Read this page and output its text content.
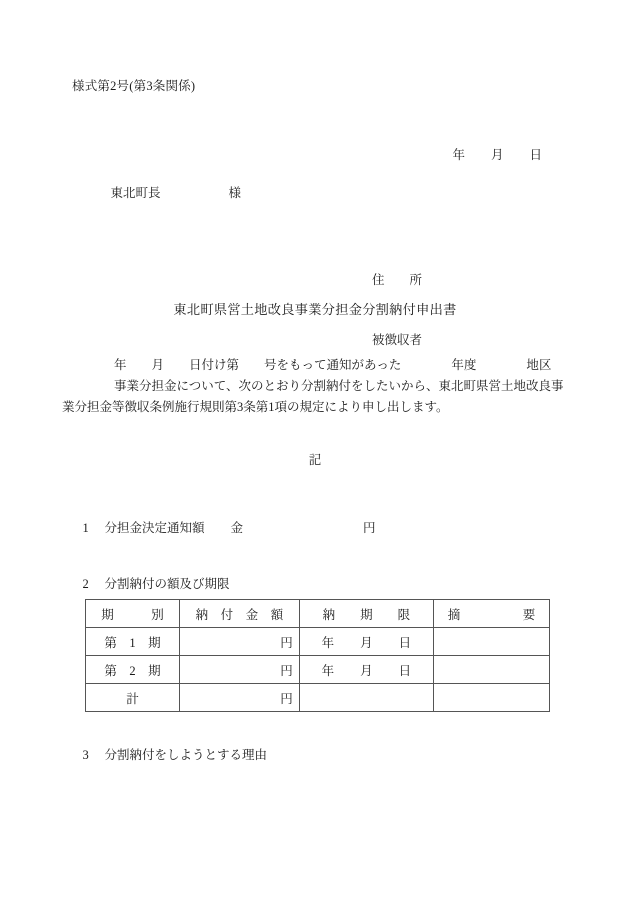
様式第2号(第3条関係)

年 月 日

東北町長	様

住　　所

被徴収者

東北町県営土地改良事業分担金分割納付申出書
年　　月　　日付け第　　号をもって通知があった　　　　年度　　　　地区
事業分担金について、次のとおり分割納付をしたいから、東北町県営土地改良事
業分担金等徴収条例施行規則第3条第1項の規定により申し出します。
記

1 分担金決定通知額 金	円

2 分割納付の額及び期限

期　　　別	納　付　金　額	納　　期　　限	摘　　　　　要
第　1　期	円	年 月 日	
第　2　期	円	年 月 日	
計	円		

3 分割納付をしようとする理由
